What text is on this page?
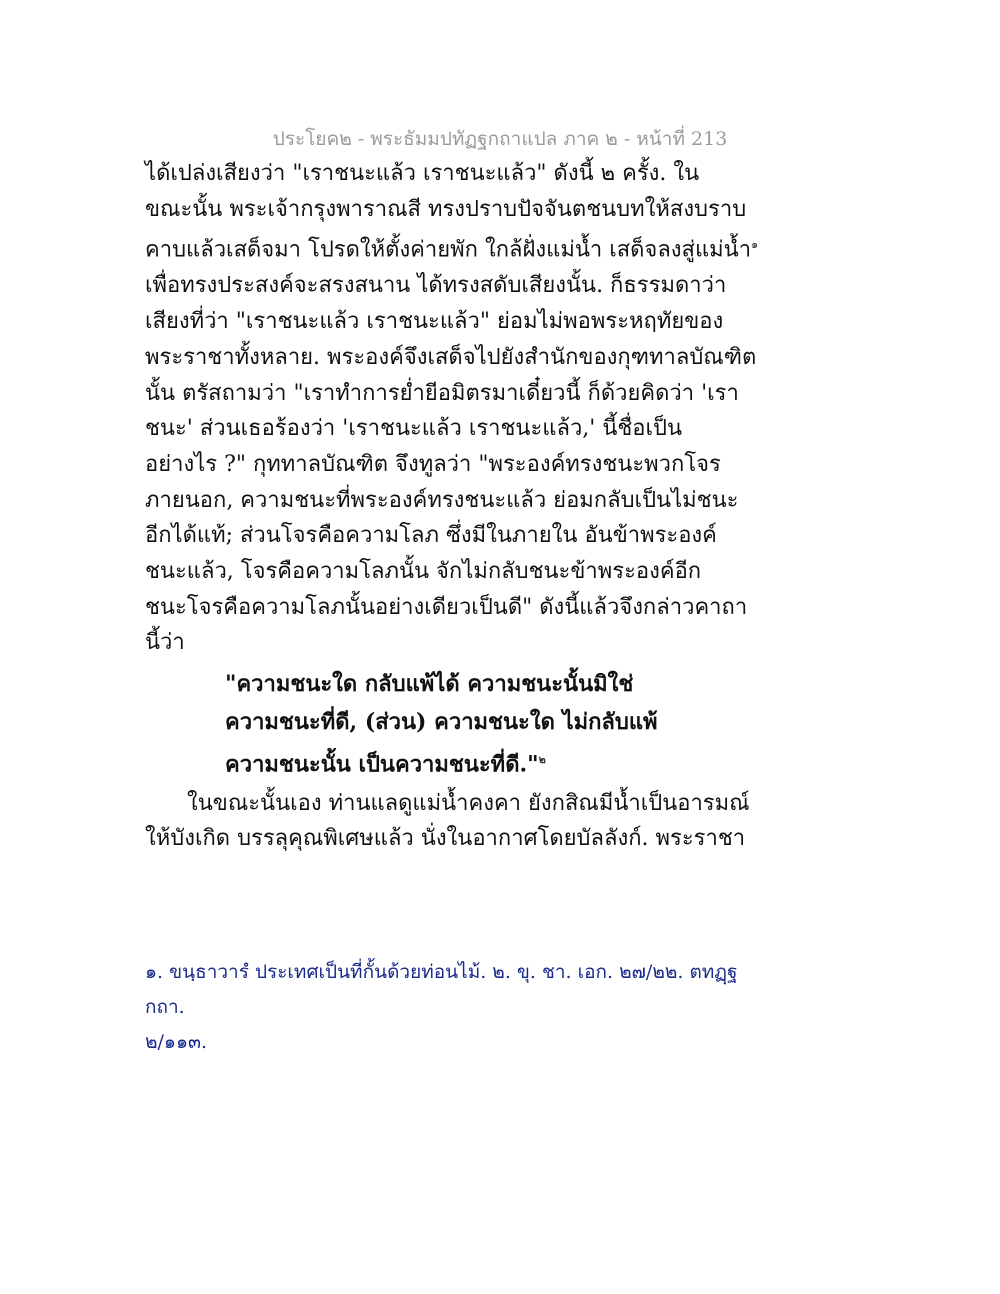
ประโยค๒ - พระธัมมปทัฏฐกถาแปล ภาค ๒ - หน้าที่ 213
ได้เปล่งเสียงว่า "เราชนะแล้ว เราชนะแล้ว" ดังนี้ ๒ ครั้ง. ใน
ขณะนั้น พระเจ้ากรุงพาราณสี ทรงปราบปัจจันตชนบทให้สงบราบ
คาบแล้วเสด็จมา โปรดให้ตั้งค่ายพัก ใกล้ฝั่งแม่น้ำ เสด็จลงสู่แม่น้ำ$^๑$
เพื่อทรงประสงค์จะสรงสนาน ได้ทรงสดับเสียงนั้น. ก็ธรรมดาว่า
เสียงที่ว่า "เราชนะแล้ว เราชนะแล้ว" ย่อมไม่พอพระหฤทัยของ
พระราชาทั้งหลาย. พระองค์จึงเสด็จไปยังสำนักของกุฑทาลบัณฑิต
นั้น ตรัสถามว่า "เราทำการย่ำยีอมิตรมาเดี๋ยวนี้ ก็ด้วยคิดว่า 'เรา
ชนะ' ส่วนเธอร้องว่า 'เราชนะแล้ว เราชนะแล้ว,' นี้ชื่อเป็น
อย่างไร ?" กุททาลบัณฑิต จึงทูลว่า "พระองค์ทรงชนะพวกโจร
ภายนอก, ความชนะที่พระองค์ทรงชนะแล้ว ย่อมกลับเป็นไม่ชนะ
อีกได้แท้; ส่วนโจรคือความโลภ ซึ่งมีในภายใน อันข้าพระองค์
ชนะแล้ว, โจรคือความโลภนั้น จักไม่กลับชนะข้าพระองค์อีก
ชนะโจรคือความโลภนั้นอย่างเดียวเป็นดี" ดังนี้แล้วจึงกล่าวคาถา
นี้ว่า
"ความชนะใด กลับแพ้ได้ ความชนะนั้นมิใช่
ความชนะที่ดี, (ส่วน) ความชนะใด ไม่กลับแพ้
ความชนะนั้น เป็นความชนะที่ดี."$^๒$
ในขณะนั้นเอง ท่านแลดูแม่น้ำคงคา ยังกสิณมีน้ำเป็นอารมณ์
ให้บังเกิด บรรลุคุณพิเศษแล้ว นั่งในอากาศโดยบัลลังก์. พระราชา
๑. ขนฺธาวารํ ประเทศเป็นที่กั้นด้วยท่อนไม้. ๒. ขุ. ชา. เอก. ๒๗/๒๒. ตทฏฺฐกถา.
๒/๑๑๓.
